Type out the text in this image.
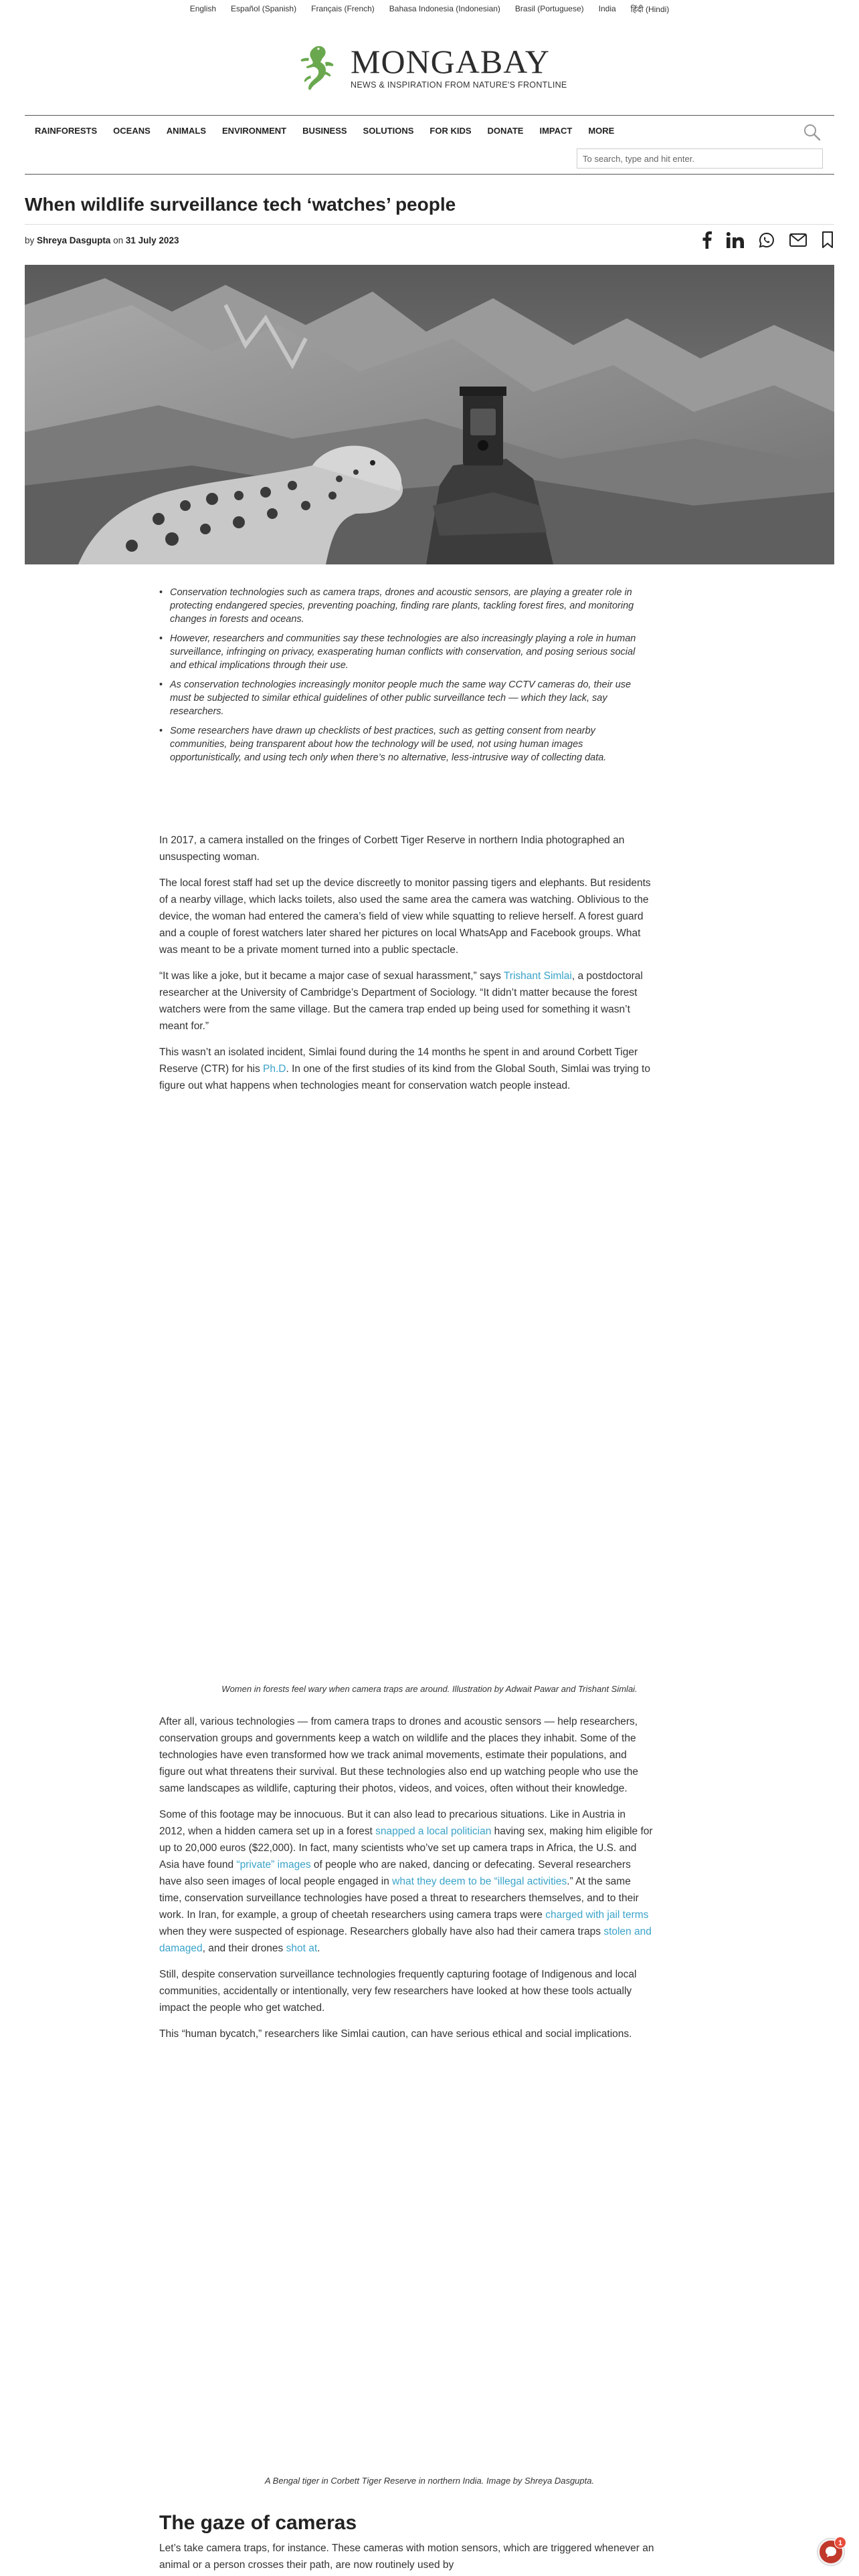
English Español (Spanish) Français (French) Bahasa Indonesia (Indonesian) Brasil (Portuguese) India हिंदी (Hindi)
MONGABAY
NEWS & INSPIRATION FROM NATURE'S FRONTLINE
RAINFORESTS OCEANS ANIMALS ENVIRONMENT BUSINESS SOLUTIONS FOR KIDS DONATE IMPACT MORE
To search, type and hit enter.
When wildlife surveillance tech ‘watches’ people
by Shreya Dasgupta on 31 July 2023
• Conservation technologies such as camera traps, drones and acoustic sensors, are playing a greater role in protecting endangered species, preventing poaching, finding rare plants, tackling forest fires, and monitoring changes in forests and oceans.
• However, researchers and communities say these technologies are also increasingly playing a role in human surveillance, infringing on privacy, exasperating human conflicts with conservation, and posing serious social and ethical implications through their use.
• As conservation technologies increasingly monitor people much the same way CCTV cameras do, their use must be subjected to similar ethical guidelines of other public surveillance tech — which they lack, say researchers.
• Some researchers have drawn up checklists of best practices, such as getting consent from nearby communities, being transparent about how the technology will be used, not using human images opportunistically, and using tech only when there’s no alternative, less-intrusive way of collecting data.

In 2017, a camera installed on the fringes of Corbett Tiger Reserve in northern India photographed an unsuspecting woman.

The local forest staff had set up the device discreetly to monitor passing tigers and elephants. But residents of a nearby village, which lacks toilets, also used the same area the camera was watching. Oblivious to the device, the woman had entered the camera’s field of view while squatting to relieve herself. A forest guard and a couple of forest watchers later shared her pictures on local WhatsApp and Facebook groups. What was meant to be a private moment turned into a public spectacle.

“It was like a joke, but it became a major case of sexual harassment,” says Trishant Simlai, a postdoctoral researcher at the University of Cambridge’s Department of Sociology. “It didn’t matter because the forest watchers were from the same village. But the camera trap ended up being used for something it wasn’t meant for.”

This wasn’t an isolated incident, Simlai found during the 14 months he spent in and around Corbett Tiger Reserve (CTR) for his Ph.D. In one of the first studies of its kind from the Global South, Simlai was trying to figure out what happens when technologies meant for conservation watch people instead.

Women in forests feel wary when camera traps are around. Illustration by Adwait Pawar and Trishant Simlai.

After all, various technologies — from camera traps to drones and acoustic sensors — help researchers, conservation groups and governments keep a watch on wildlife and the places they inhabit. Some of the technologies have even transformed how we track animal movements, estimate their populations, and figure out what threatens their survival. But these technologies also end up watching people who use the same landscapes as wildlife, capturing their photos, videos, and voices, often without their knowledge.

Some of this footage may be innocuous. But it can also lead to precarious situations. Like in Austria in 2012, when a hidden camera set up in a forest snapped a local politician having sex, making him eligible for up to 20,000 euros ($22,000). In fact, many scientists who’ve set up camera traps in Africa, the U.S. and Asia have found “private” images of people who are naked, dancing or defecating. Several researchers have also seen images of local people engaged in what they deem to be “illegal activities.” At the same time, conservation surveillance technologies have posed a threat to researchers themselves, and to their work. In Iran, for example, a group of cheetah researchers using camera traps were charged with jail terms when they were suspected of espionage. Researchers globally have also had their camera traps stolen and damaged, and their drones shot at.

Still, despite conservation surveillance technologies frequently capturing footage of Indigenous and local communities, accidentally or intentionally, very few researchers have looked at how these tools actually impact the people who get watched.

This “human bycatch,” researchers like Simlai caution, can have serious ethical and social implications.

A Bengal tiger in Corbett Tiger Reserve in northern India. Image by Shreya Dasgupta.
The gaze of cameras

Let’s take camera traps, for instance. These cameras with motion sensors, which are triggered whenever an animal or a person crosses their path, are now routinely used by

1
